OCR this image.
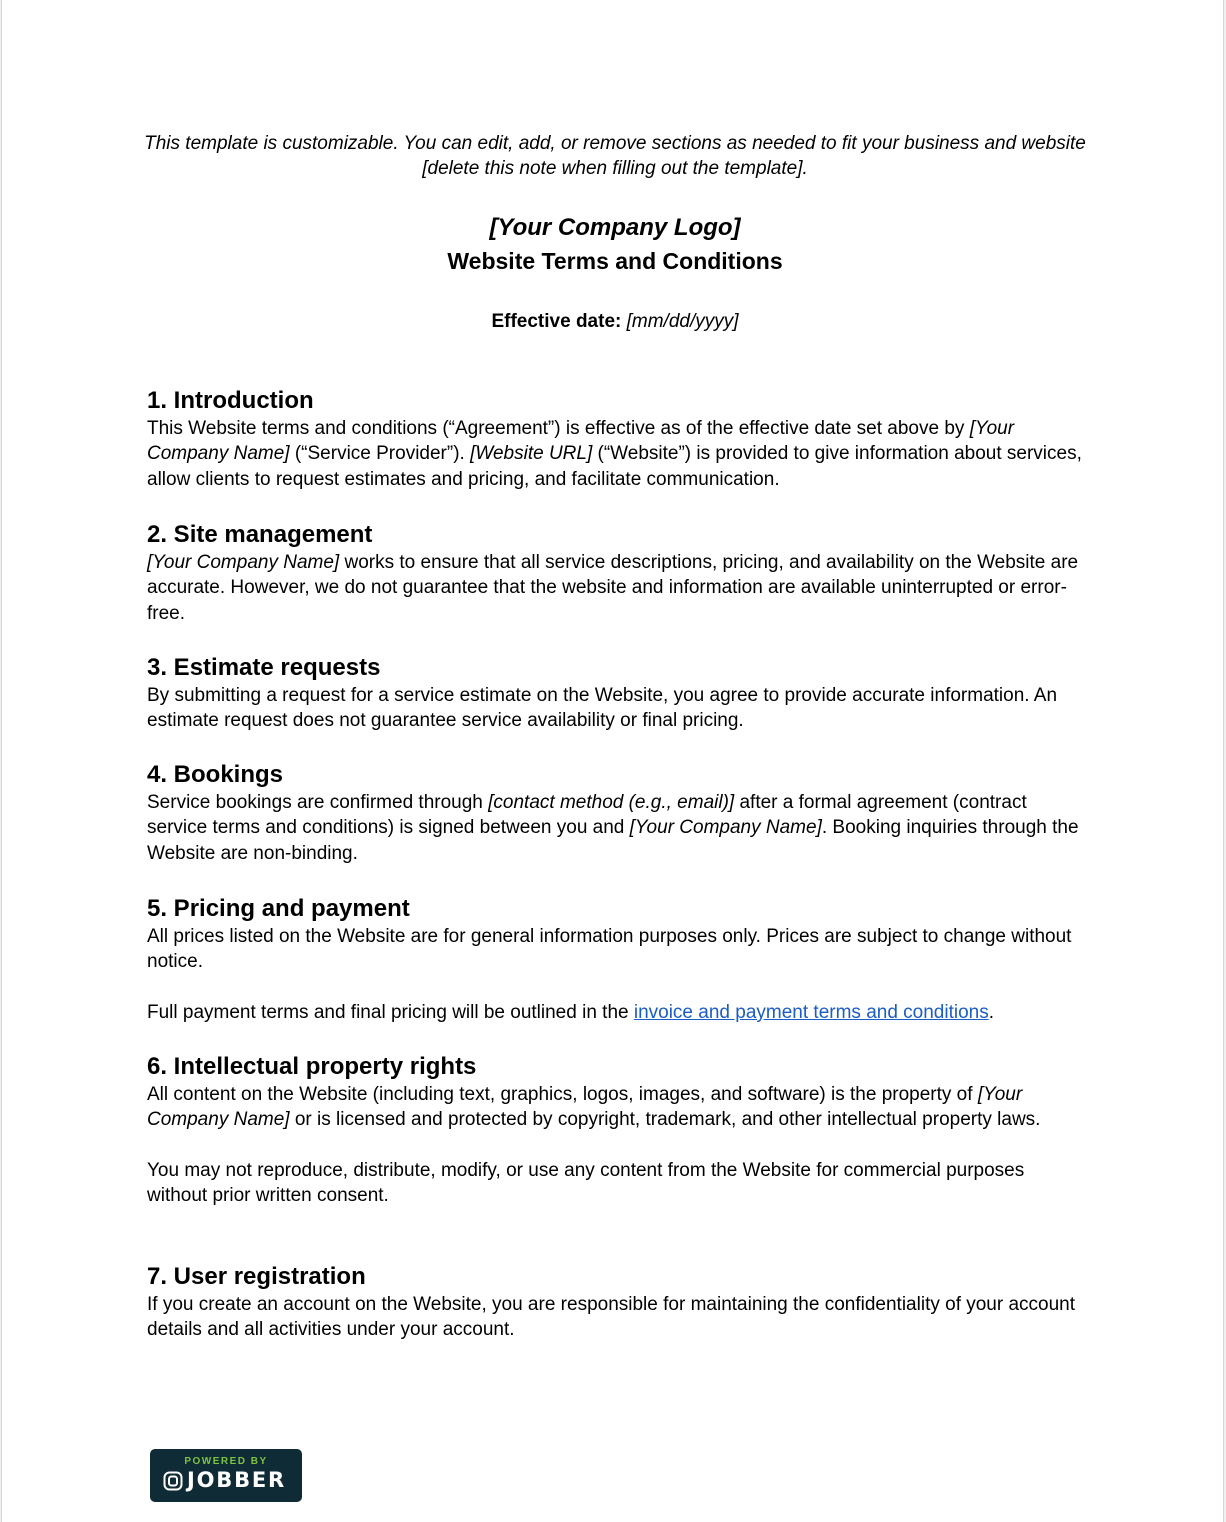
This template is customizable. You can edit, add, or remove sections as needed to fit your business and website [delete this note when filling out the template].
[Your Company Logo]
Website Terms and Conditions
Effective date: [mm/dd/yyyy]
1. Introduction

This Website terms and conditions (“Agreement”) is effective as of the effective date set above by [Your Company Name] (“Service Provider”). [Website URL] (“Website”) is provided to give information about services, allow clients to request estimates and pricing, and facilitate communication.

2. Site management

[Your Company Name] works to ensure that all service descriptions, pricing, and availability on the Website are accurate. However, we do not guarantee that the website and information are available uninterrupted or error-free.

3. Estimate requests

By submitting a request for a service estimate on the Website, you agree to provide accurate information. An estimate request does not guarantee service availability or final pricing.

4. Bookings

Service bookings are confirmed through [contact method (e.g., email)] after a formal agreement (contract service terms and conditions) is signed between you and [Your Company Name]. Booking inquiries through the Website are non-binding.

5. Pricing and payment

All prices listed on the Website are for general information purposes only. Prices are subject to change without notice.

Full payment terms and final pricing will be outlined in the invoice and payment terms and conditions.

6. Intellectual property rights

All content on the Website (including text, graphics, logos, images, and software) is the property of [Your Company Name] or is licensed and protected by copyright, trademark, and other intellectual property laws.

You may not reproduce, distribute, modify, or use any content from the Website for commercial purposes without prior written consent.

7. User registration

If you create an account on the Website, you are responsible for maintaining the confidentiality of your account details and all activities under your account.

POWERED BY
JOBBER
